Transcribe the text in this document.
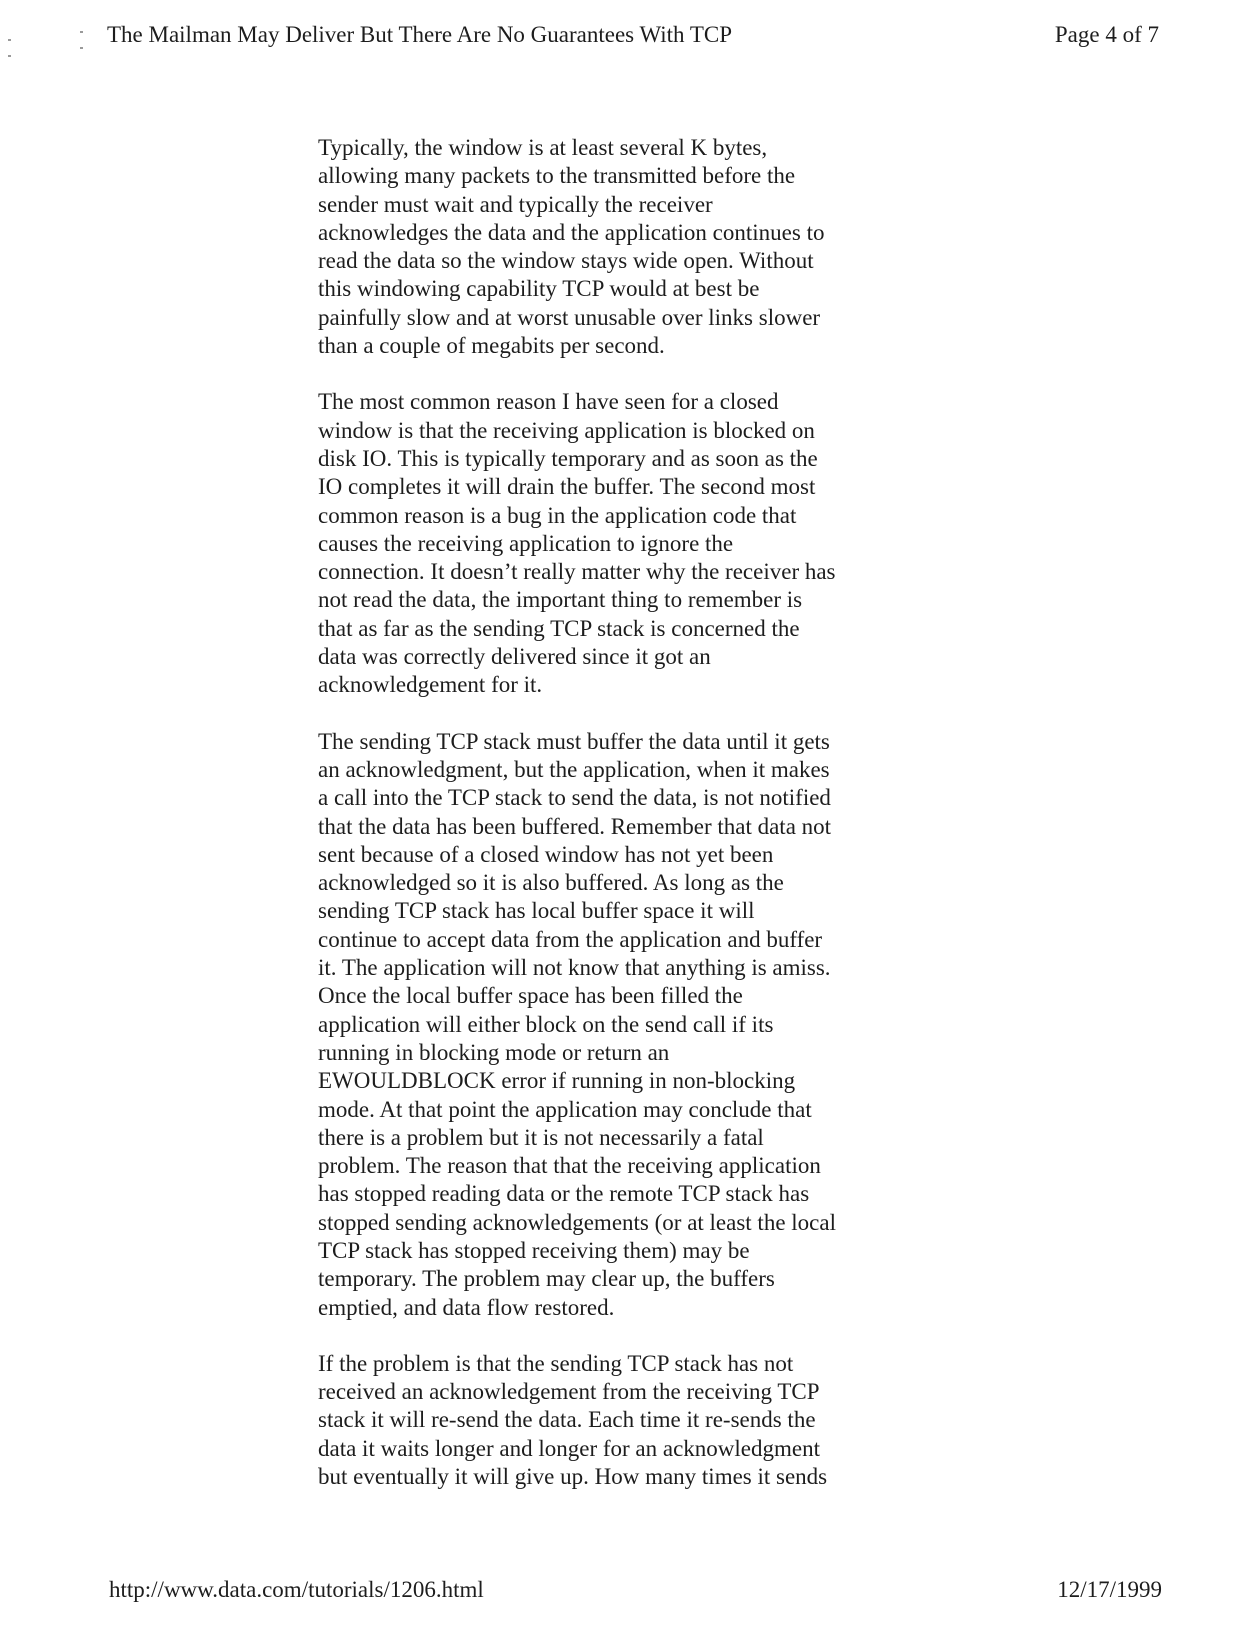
The Mailman May Deliver But There Are No Guarantees With TCP	Page 4 of 7

Typically, the window is at least several K bytes,
allowing many packets to the transmitted before the
sender must wait and typically the receiver
acknowledges the data and the application continues to
read the data so the window stays wide open. Without
this windowing capability TCP would at best be
painfully slow and at worst unusable over links slower
than a couple of megabits per second.

The most common reason I have seen for a closed
window is that the receiving application is blocked on
disk IO. This is typically temporary and as soon as the
IO completes it will drain the buffer. The second most
common reason is a bug in the application code that
causes the receiving application to ignore the
connection. It doesn’t really matter why the receiver has
not read the data, the important thing to remember is
that as far as the sending TCP stack is concerned the
data was correctly delivered since it got an
acknowledgement for it.

The sending TCP stack must buffer the data until it gets
an acknowledgment, but the application, when it makes
a call into the TCP stack to send the data, is not notified
that the data has been buffered. Remember that data not
sent because of a closed window has not yet been
acknowledged so it is also buffered. As long as the
sending TCP stack has local buffer space it will
continue to accept data from the application and buffer
it. The application will not know that anything is amiss.
Once the local buffer space has been filled the
application will either block on the send call if its
running in blocking mode or return an
EWOULDBLOCK error if running in non-blocking
mode. At that point the application may conclude that
there is a problem but it is not necessarily a fatal
problem. The reason that that the receiving application
has stopped reading data or the remote TCP stack has
stopped sending acknowledgements (or at least the local
TCP stack has stopped receiving them) may be
temporary. The problem may clear up, the buffers
emptied, and data flow restored.

If the problem is that the sending TCP stack has not
received an acknowledgement from the receiving TCP
stack it will re-send the data. Each time it re-sends the
data it waits longer and longer for an acknowledgment
but eventually it will give up. How many times it sends

http://www.data.com/tutorials/1206.html	12/17/1999
